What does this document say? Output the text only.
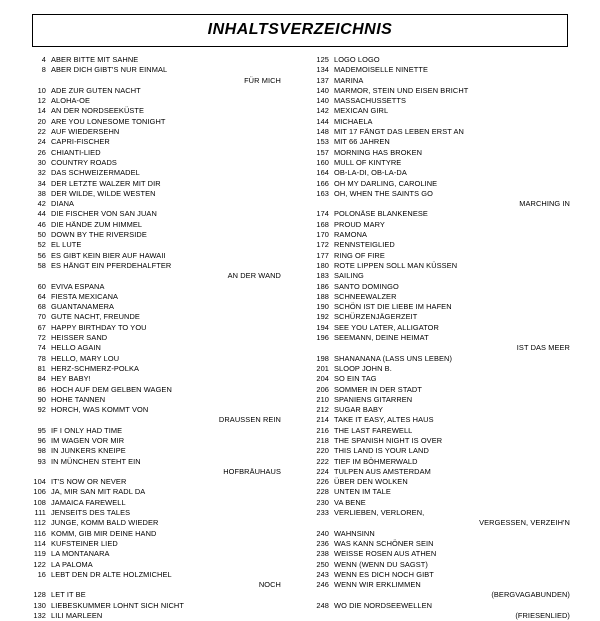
INHALTSVERZEICHNIS
4 ABER BITTE MIT SAHNE
8 ABER DICH GIBT'S NUR EINMAL
FÜR MICH
10 ADE ZUR GUTEN NACHT
12 ALOHA-OE
14 AN DER NORDSEEKÜSTE
20 ARE YOU LONESOME TONIGHT
22 AUF WIEDERSEHN
24 CAPRI-FISCHER
26 CHIANTI-LIED
30 COUNTRY ROADS
32 DAS SCHWEIZERMADEL
34 DER LETZTE WALZER MIT DIR
38 DER WILDE, WILDE WESTEN
42 DIANA
44 DIE FISCHER VON SAN JUAN
46 DIE HÄNDE ZUM HIMMEL
50 DOWN BY THE RIVERSIDE
52 EL LUTE
56 ES GIBT KEIN BIER AUF HAWAII
58 ES HÄNGT EIN PFERDEHALFTER
AN DER WAND
60 EVIVA ESPANA
64 FIESTA MEXICANA
68 GUANTANAMERA
70 GUTE NACHT, FREUNDE
67 HAPPY BIRTHDAY TO YOU
72 HEISSER SAND
74 HELLO AGAIN
78 HELLO, MARY LOU
81 HERZ-SCHMERZ-POLKA
84 HEY BABY!
86 HOCH AUF DEM GELBEN WAGEN
90 HOHE TANNEN
92 HORCH, WAS KOMMT VON
DRAUSSEN REIN
95 IF I ONLY HAD TIME
96 IM WAGEN VOR MIR
98 IN JUNKERS KNEIPE
93 IN MÜNCHEN STEHT EIN
HOFBRÄUHAUS
104 IT'S NOW OR NEVER
106 JA, MIR SAN MIT RADL DA
108 JAMAICA FAREWELL
111 JENSEITS DES TALES
112 JUNGE, KOMM BALD WIEDER
116 KOMM, GIB MIR DEINE HAND
114 KUFSTEINER LIED
119 LA MONTANARA
122 LA PALOMA
16 LEBT DEN DR ALTE HOLZMICHEL
NOCH
128 LET IT BE
130 LIEBESKUMMER LOHNT SICH NICHT
132 LILI MARLEEN
125 LOGO LOGO
134 MADEMOISELLE NINETTE
137 MARINA
140 MARMOR, STEIN UND EISEN BRICHT
140 MASSACHUSSETTS
142 MEXICAN GIRL
144 MICHAELA
148 MIT 17 FÄNGT DAS LEBEN ERST AN
153 MIT 66 JAHREN
157 MORNING HAS BROKEN
160 MULL OF KINTYRE
164 OB-LA-DI, OB-LA-DA
166 OH MY DARLING, CAROLINE
163 OH, WHEN THE SAINTS GO
MARCHING IN
174 POLONÄSE BLANKENESE
168 PROUD MARY
170 RAMONA
172 RENNSTEIGLIED
177 RING OF FIRE
180 ROTE LIPPEN SOLL MAN KÜSSEN
183 SAILING
186 SANTO DOMINGO
188 SCHNEEWALZER
190 SCHÖN IST DIE LIEBE IM HAFEN
192 SCHÜRZENJÄGERZEIT
194 SEE YOU LATER, ALLIGATOR
196 SEEMANN, DEINE HEIMAT
IST DAS MEER
198 SHANANANA (LASS UNS LEBEN)
201 SLOOP JOHN B.
204 SO EIN TAG
206 SOMMER IN DER STADT
210 SPANIENS GITARREN
212 SUGAR BABY
214 TAKE IT EASY, ALTES HAUS
216 THE LAST FAREWELL
218 THE SPANISH NIGHT IS OVER
220 THIS LAND IS YOUR LAND
222 TIEF IM BÖHMERWALD
224 TULPEN AUS AMSTERDAM
226 ÜBER DEN WOLKEN
228 UNTEN IM TALE
230 VA BENE
233 VERLIEBEN, VERLOREN,
VERGESSEN, VERZEIH'N
240 WAHNSINN
236 WAS KANN SCHÖNER SEIN
238 WEISSE ROSEN AUS ATHEN
250 WENN (WENN DU SAGST)
243 WENN ES DICH NOCH GIBT
246 WENN WIR ERKLIMMEN
(BERGVAGABUNDEN)
248 WO DIE NORDSEEWELLEN
(FRIESENLIED)
